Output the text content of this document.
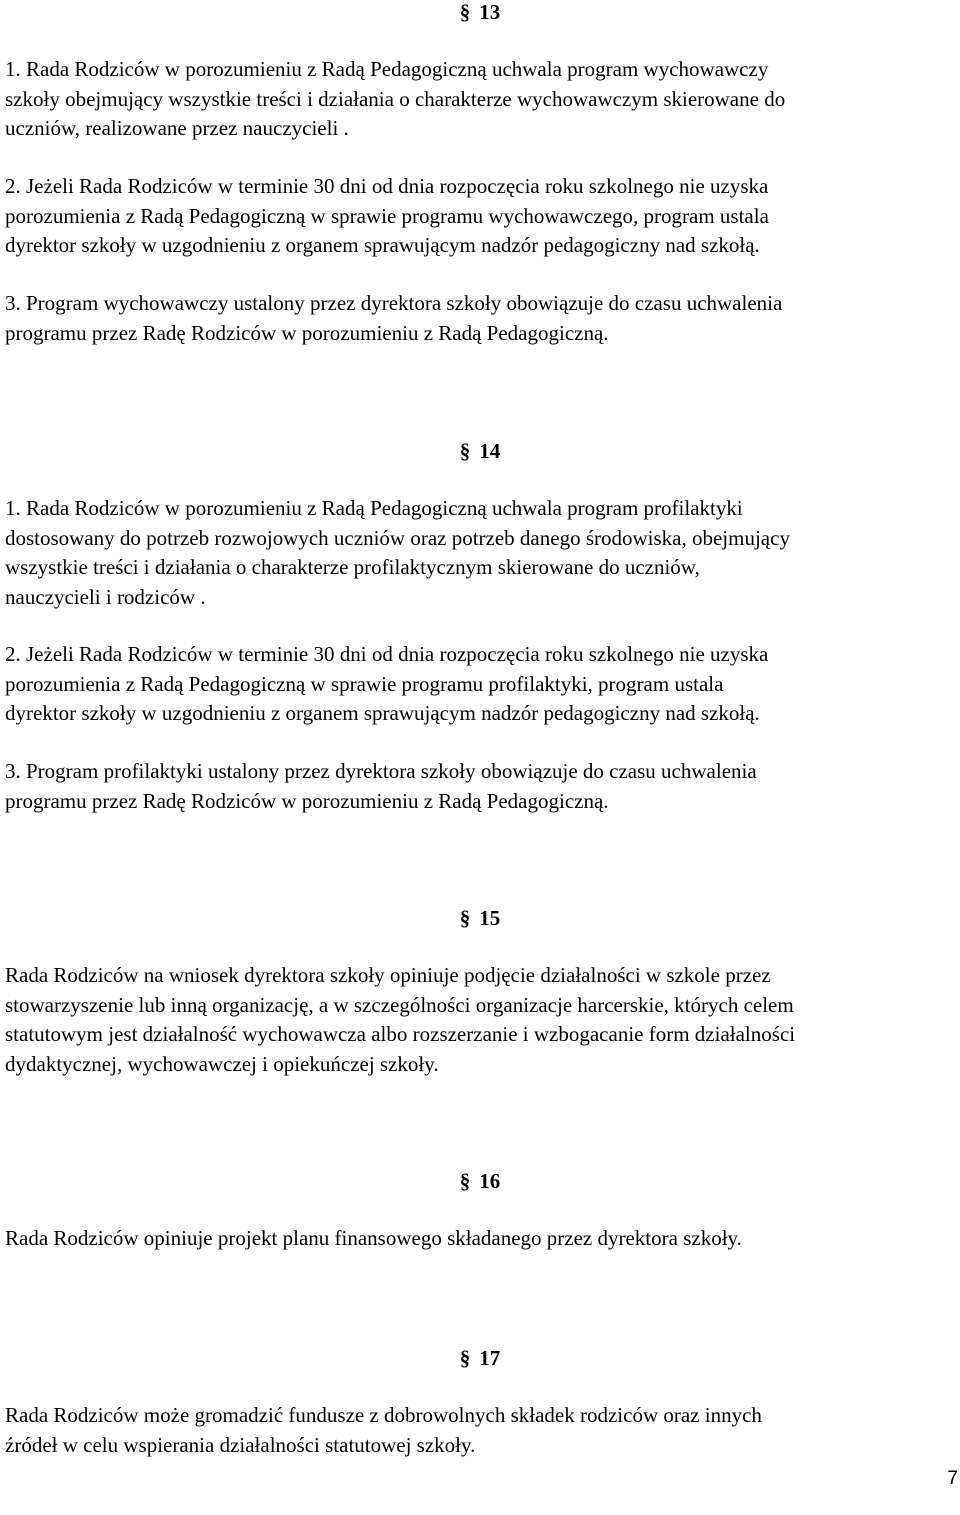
§ 13

1. Rada Rodziców w porozumieniu z Radą Pedagogiczną uchwala program wychowawczy
szkoły obejmujący wszystkie treści i działania o charakterze wychowawczym skierowane do
uczniów, realizowane przez nauczycieli .

2. Jeżeli Rada Rodziców w terminie 30 dni od dnia rozpoczęcia roku szkolnego nie uzyska
porozumienia z Radą Pedagogiczną w sprawie programu wychowawczego, program ustala
dyrektor szkoły w uzgodnieniu z organem sprawującym nadzór pedagogiczny nad szkołą.

3. Program wychowawczy ustalony przez dyrektora szkoły obowiązuje do czasu uchwalenia
programu przez Radę Rodziców w porozumieniu z Radą Pedagogiczną.

§ 14

1. Rada Rodziców w porozumieniu z Radą Pedagogiczną uchwala program profilaktyki
dostosowany do potrzeb rozwojowych uczniów oraz potrzeb danego środowiska, obejmujący
wszystkie treści i działania o charakterze profilaktycznym skierowane do uczniów,
nauczycieli i rodziców .

2. Jeżeli Rada Rodziców w terminie 30 dni od dnia rozpoczęcia roku szkolnego nie uzyska
porozumienia z Radą Pedagogiczną w sprawie programu profilaktyki, program ustala
dyrektor szkoły w uzgodnieniu z organem sprawującym nadzór pedagogiczny nad szkołą.

3. Program profilaktyki ustalony przez dyrektora szkoły obowiązuje do czasu uchwalenia
programu przez Radę Rodziców w porozumieniu z Radą Pedagogiczną.

§ 15

Rada Rodziców na wniosek dyrektora szkoły opiniuje podjęcie działalności w szkole przez
stowarzyszenie lub inną organizację, a w szczególności organizacje harcerskie, których celem
statutowym jest działalność wychowawcza albo rozszerzanie i wzbogacanie form działalności
dydaktycznej, wychowawczej i opiekuńczej szkoły.

§ 16

Rada Rodziców opiniuje projekt planu finansowego składanego przez dyrektora szkoły.

§ 17

Rada Rodziców może gromadzić fundusze z dobrowolnych składek rodziców oraz innych
źródeł w celu wspierania działalności statutowej szkoły.

7
